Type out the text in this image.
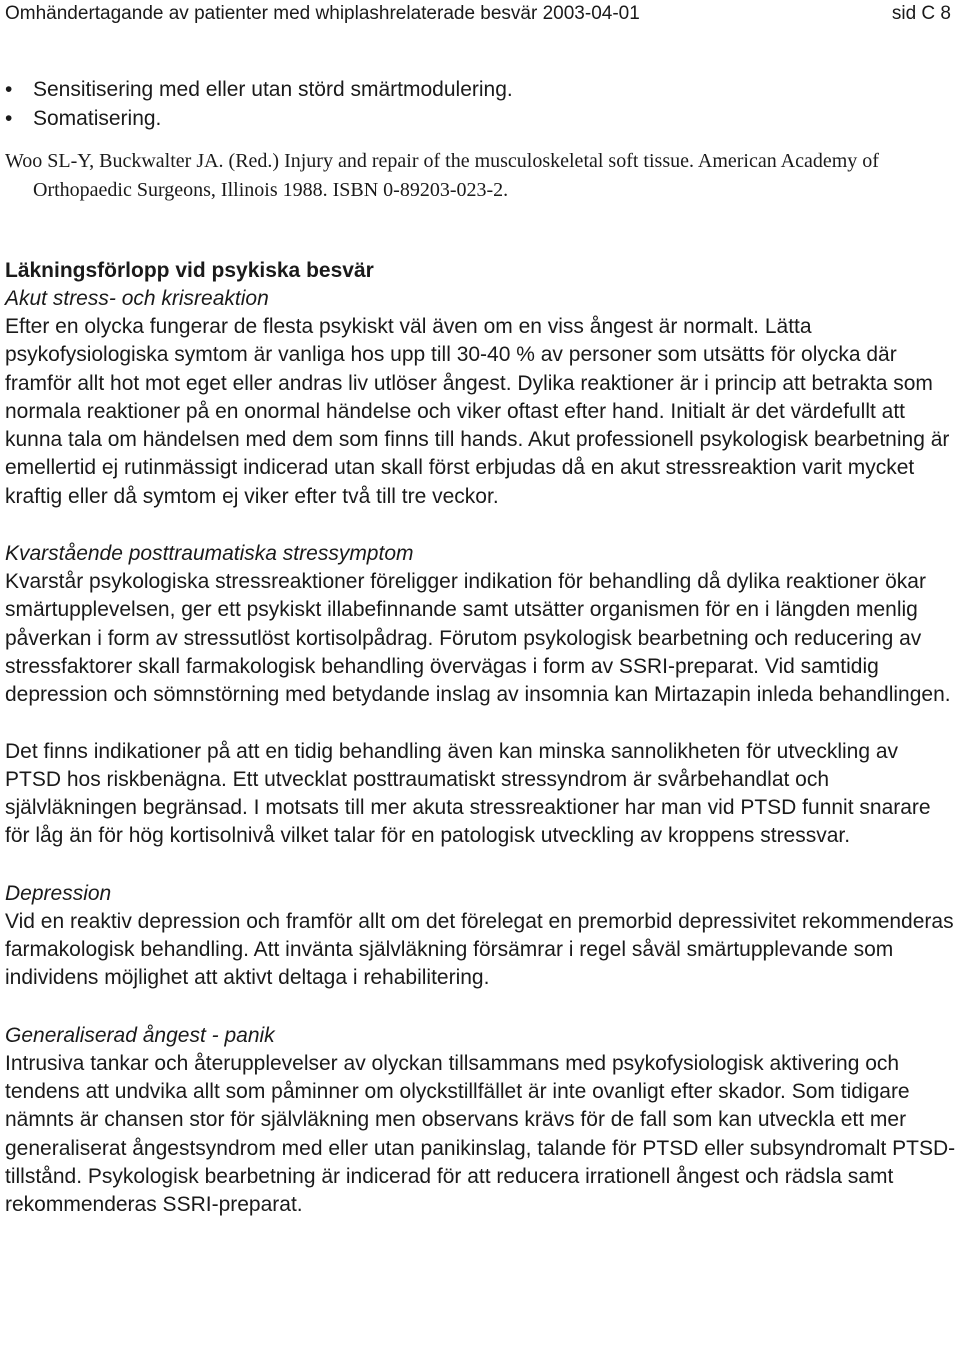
Omhändertagande av patienter med whiplashrelaterade besvär 2003-04-01	sid C 8
• Sensitisering med eller utan störd smärtmodulering.
• Somatisering.

Woo SL-Y, Buckwalter JA. (Red.) Injury and repair of the musculoskeletal soft tissue. American Academy of Orthopaedic Surgeons, Illinois 1988. ISBN 0-89203-023-2.

Läkningsförlopp vid psykiska besvär

Akut stress- och krisreaktion

Efter en olycka fungerar de flesta psykiskt väl även om en viss ångest är normalt. Lätta psykofysiologiska symtom är vanliga hos upp till 30-40 % av personer som utsätts för olycka där framför allt hot mot eget eller andras liv utlöser ångest. Dylika reaktioner är i princip att betrakta som normala reaktioner på en onormal händelse och viker oftast efter hand. Initialt är det värdefullt att kunna tala om händelsen med dem som finns till hands. Akut professionell psykologisk bearbetning är emellertid ej rutinmässigt indicerad utan skall först erbjudas då en akut stressreaktion varit mycket kraftig eller då symtom ej viker efter två till tre veckor.

Kvarstående posttraumatiska stressymptom

Kvarstår psykologiska stressreaktioner föreligger indikation för behandling då dylika reaktioner ökar smärtupplevelsen, ger ett psykiskt illabefinnande samt utsätter organismen för en i längden menlig påverkan i form av stressutlöst kortisolpådrag. Förutom psykologisk bearbetning och reducering av stressfaktorer skall farmakologisk behandling övervägas i form av SSRI-preparat. Vid samtidig depression och sömnstörning med betydande inslag av insomnia kan Mirtazapin inleda behandlingen.

Det finns indikationer på att en tidig behandling även kan minska sannolikheten för utveckling av PTSD hos riskbenägna. Ett utvecklat posttraumatiskt stressyndrom är svårbehandlat och självläkningen begränsad. I motsats till mer akuta stressreaktioner har man vid PTSD funnit snarare för låg än för hög kortisolnivå vilket talar för en patologisk utveckling av kroppens stressvar.

Depression

Vid en reaktiv depression och framför allt om det förelegat en premorbid depressivitet rekommenderas farmakologisk behandling. Att invänta självläkning försämrar i regel såväl smärtupplevande som individens möjlighet att aktivt deltaga i rehabilitering.

Generaliserad ångest - panik

Intrusiva tankar och återupplevelser av olyckan tillsammans med psykofysiologisk aktivering och tendens att undvika allt som påminner om olyckstillfället är inte ovanligt efter skador. Som tidigare nämnts är chansen stor för självläkning men observans krävs för de fall som kan utveckla ett mer generaliserat ångestsyndrom med eller utan panikinslag, talande för PTSD eller subsyndromalt PTSD-tillstånd. Psykologisk bearbetning är indicerad för att reducera irrationell ångest och rädsla samt rekommenderas SSRI-preparat.
